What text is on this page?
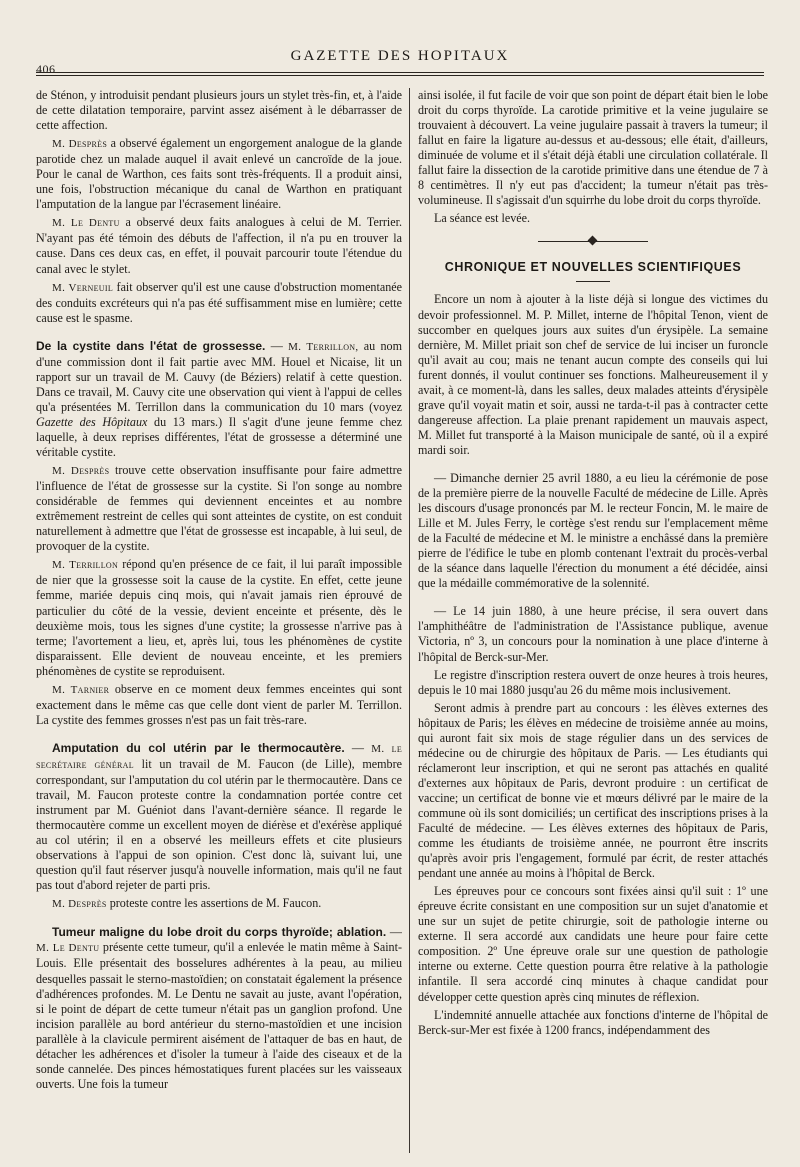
406
GAZETTE DES HOPITAUX

de Sténon, y introduisit pendant plusieurs jours un stylet très-fin, et, à l'aide de cette dilatation temporaire, parvint assez aisément à le débarrasser de cette affection.

M. Desprès a observé également un engorgement analogue de la glande parotide chez un malade auquel il avait enlevé un cancroïde de la joue. Pour le canal de Warthon, ces faits sont très-fréquents. Il a produit ainsi, une fois, l'obstruction mécanique du canal de Warthon en pratiquant l'amputation de la langue par l'écrasement linéaire.

M. Le Dentu a observé deux faits analogues à celui de M. Terrier. N'ayant pas été témoin des débuts de l'affection, il n'a pu en trouver la cause. Dans ces deux cas, en effet, il pouvait parcourir toute l'étendue du canal avec le stylet.

M. Verneuil fait observer qu'il est une cause d'obstruction momentanée des conduits excréteurs qui n'a pas été suffisamment mise en lumière; cette cause est le spasme.

De la cystite dans l'état de grossesse. — M. Terrillon, au nom d'une commission dont il fait partie avec MM. Houel et Nicaise, lit un rapport sur un travail de M. Cauvy (de Béziers) relatif à cette question. Dans ce travail, M. Cauvy cite une observation qui vient à l'appui de celles qu'a présentées M. Terrillon dans la communication du 10 mars (voyez Gazette des Hôpitaux du 13 mars.) Il s'agit d'une jeune femme chez laquelle, à deux reprises différentes, l'état de grossesse a déterminé une véritable cystite.

M. Desprès trouve cette observation insuffisante pour faire admettre l'influence de l'état de grossesse sur la cystite. Si l'on songe au nombre considérable de femmes qui deviennent enceintes et au nombre extrêmement restreint de celles qui sont atteintes de cystite, on est conduit naturellement à admettre que l'état de grossesse est incapable, à lui seul, de provoquer de la cystite.

M. Terrillon répond qu'en présence de ce fait, il lui paraît impossible de nier que la grossesse soit la cause de la cystite. En effet, cette jeune femme, mariée depuis cinq mois, qui n'avait jamais rien éprouvé de particulier du côté de la vessie, devient enceinte et présente, dès le deuxième mois, tous les signes d'une cystite; la grossesse n'arrive pas à terme; l'avortement a lieu, et, après lui, tous les phénomènes de cystite disparaissent. Elle devient de nouveau enceinte, et les premiers phénomènes de cystite se reproduisent.

M. Tarnier observe en ce moment deux femmes enceintes qui sont exactement dans le même cas que celle dont vient de parler M. Terrillon. La cystite des femmes grosses n'est pas un fait très-rare.

Amputation du col utérin par le thermocautère. — M. le secrétaire général lit un travail de M. Faucon (de Lille), membre correspondant, sur l'amputation du col utérin par le thermocautère. Dans ce travail, M. Faucon proteste contre la condamnation portée contre cet instrument par M. Guéniot dans l'avant-dernière séance. Il regarde le thermocautère comme un excellent moyen de diérèse et d'exérèse appliqué au col utérin; il en a observé les meilleurs effets et cite plusieurs observations à l'appui de son opinion. C'est donc là, suivant lui, une question qu'il faut réserver jusqu'à nouvelle information, mais qu'il ne faut pas tout d'abord rejeter de parti pris.

M. Desprès proteste contre les assertions de M. Faucon.

Tumeur maligne du lobe droit du corps thyroïde; ablation. — M. Le Dentu présente cette tumeur, qu'il a enlevée le matin même à Saint-Louis. Elle présentait des bosselures adhérentes à la peau, au milieu desquelles passait le sterno-mastoïdien; on constatait également la présence d'adhérences profondes. M. Le Dentu ne savait au juste, avant l'opération, si le point de départ de cette tumeur n'était pas un ganglion profond. Une incision parallèle au bord antérieur du sterno-mastoïdien et une incision parallèle à la clavicule permirent aisément de l'attaquer de bas en haut, de détacher les adhérences et d'isoler la tumeur à l'aide des ciseaux et de la sonde cannelée. Des pinces hémostatiques furent placées sur les vaisseaux ouverts. Une fois la tumeur

ainsi isolée, il fut facile de voir que son point de départ était bien le lobe droit du corps thyroïde. La carotide primitive et la veine jugulaire se trouvaient à découvert. La veine jugulaire passait à travers la tumeur; il fallut en faire la ligature au-dessus et au-dessous; elle était, d'ailleurs, diminuée de volume et il s'était déjà établi une circulation collatérale. Il fallut faire la dissection de la carotide primitive dans une étendue de 7 à 8 centimètres. Il n'y eut pas d'accident; la tumeur n'était pas très-volumineuse. Il s'agissait d'un squirrhe du lobe droit du corps thyroïde.

La séance est levée.

CHRONIQUE ET NOUVELLES SCIENTIFIQUES

Encore un nom à ajouter à la liste déjà si longue des victimes du devoir professionnel. M. P. Millet, interne de l'hôpital Tenon, vient de succomber en quelques jours aux suites d'un érysipèle. La semaine dernière, M. Millet priait son chef de service de lui inciser un furoncle qu'il avait au cou; mais ne tenant aucun compte des conseils qui lui furent donnés, il voulut continuer ses fonctions. Malheureusement il y avait, à ce moment-là, dans les salles, deux malades atteints d'érysipèle grave qu'il voyait matin et soir, aussi ne tarda-t-il pas à contracter cette dangereuse affection. La plaie prenant rapidement un mauvais aspect, M. Millet fut transporté à la Maison municipale de santé, où il a expiré mardi soir.

— Dimanche dernier 25 avril 1880, a eu lieu la cérémonie de pose de la première pierre de la nouvelle Faculté de médecine de Lille. Après les discours d'usage prononcés par M. le recteur Foncin, M. le maire de Lille et M. Jules Ferry, le cortège s'est rendu sur l'emplacement même de la Faculté de médecine et M. le ministre a enchâssé dans la première pierre de l'édifice le tube en plomb contenant l'extrait du procès-verbal de la séance dans laquelle l'érection du monument a été décidée, ainsi que la médaille commémorative de la solennité.

— Le 14 juin 1880, à une heure précise, il sera ouvert dans l'amphithéâtre de l'administration de l'Assistance publique, avenue Victoria, nº 3, un concours pour la nomination à une place d'interne à l'hôpital de Berck-sur-Mer.

Le registre d'inscription restera ouvert de onze heures à trois heures, depuis le 10 mai 1880 jusqu'au 26 du même mois inclusivement.

Seront admis à prendre part au concours : les élèves externes des hôpitaux de Paris; les élèves en médecine de troisième année au moins, qui auront fait six mois de stage régulier dans un des services de médecine ou de chirurgie des hôpitaux de Paris. — Les étudiants qui réclameront leur inscription, et qui ne seront pas attachés en qualité d'externes aux hôpitaux de Paris, devront produire : un certificat de vaccine; un certificat de bonne vie et mœurs délivré par le maire de la commune où ils sont domiciliés; un certificat des inscriptions prises à la Faculté de médecine. — Les élèves externes des hôpitaux de Paris, comme les étudiants de troisième année, ne pourront être inscrits qu'après avoir pris l'engagement, formulé par écrit, de rester attachés pendant une année au moins à l'hôpital de Berck.

Les épreuves pour ce concours sont fixées ainsi qu'il suit : 1º une épreuve écrite consistant en une composition sur un sujet d'anatomie et une sur un sujet de petite chirurgie, soit de pathologie interne ou externe. Il sera accordé aux candidats une heure pour faire cette composition. 2º Une épreuve orale sur une question de pathologie interne ou externe. Cette question pourra être relative à la pathologie infantile. Il sera accordé cinq minutes à chaque candidat pour développer cette question après cinq minutes de réflexion.

L'indemnité annuelle attachée aux fonctions d'interne de l'hôpital de Berck-sur-Mer est fixée à 1200 francs, indépendamment des
